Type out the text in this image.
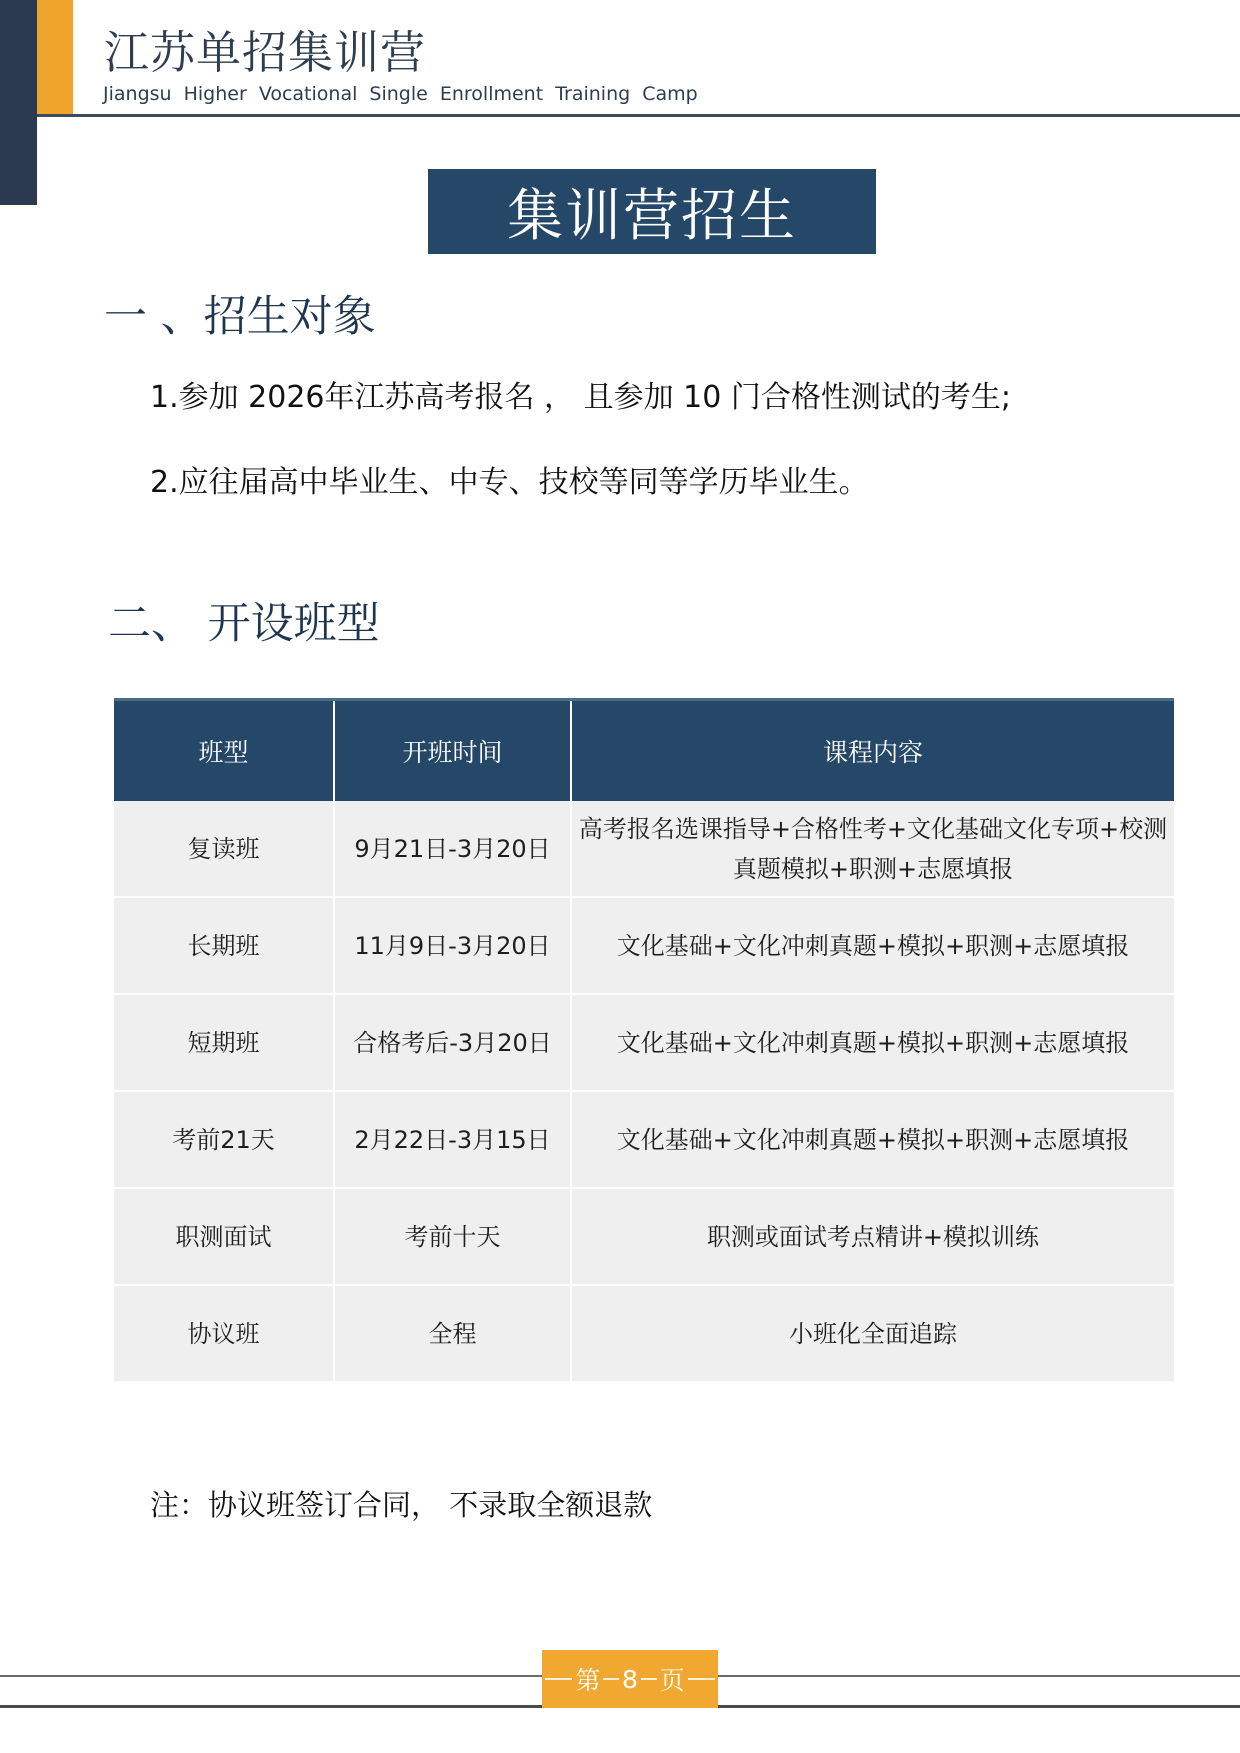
江苏单招集训营
Jiangsu Higher Vocational Single Enrollment Training Camp
集训营招生
一 、招生对象
1.参加 2026年江苏高考报名 ， 且参加 10 门合格性测试的考生;
2.应往届高中毕业生、中专、技校等同等学历毕业生。
二、 开设班型
班型	开班时间	课程内容
复读班	9月21日-3月20日	高考报名选课指导+合格性考+文化基础文化专项+校测真题模拟+职测+志愿填报
长期班	11月9日-3月20日	文化基础+文化冲刺真题+模拟+职测+志愿填报
短期班	合格考后-3月20日	文化基础+文化冲刺真题+模拟+职测+志愿填报
考前21天	2月22日-3月15日	文化基础+文化冲刺真题+模拟+职测+志愿填报
职测面试	考前十天	职测或面试考点精讲+模拟训练
协议班	全程	小班化全面追踪
注：协议班签订合同， 不录取全额退款
第 8 页
